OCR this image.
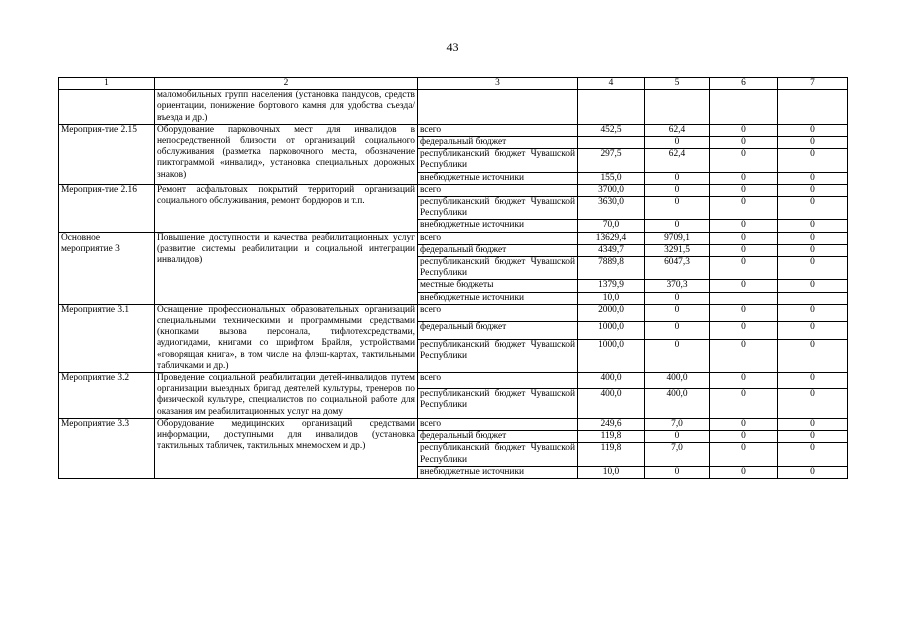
43
1	2	3	4	5	6	7
	маломобильных групп населения (установка пандусов, средств ориентации, понижение бортового камня для удобства съезда/въезда и др.)					
Мероприя-тие 2.15	Оборудование парковочных мест для инвалидов в непосредственной близости от организаций социального обслуживания (разметка парковочного места, обозначение пиктограммой «инвалид», установка специальных дорожных знаков)	всего	452,5	62,4	0	0
		федеральный бюджет		0	0	0
		республиканский бюджет Чувашской Республики	297,5	62,4	0	0
		внебюджетные источники	155,0	0	0	0
Мероприя-тие 2.16	Ремонт асфальтовых покрытий территорий организаций социального обслуживания, ремонт бордюров и т.п.	всего	3700,0	0	0	0
		республиканский бюджет Чувашской Республики	3630,0	0	0	0
		внебюджетные источники	70,0	0	0	0
Основное мероприятие 3	Повышение доступности и качества реабилитационных услуг (развитие системы реабилитации и социальной интеграции инвалидов)	всего	13629,4	9709,1	0	0
		федеральный бюджет	4349,7	3291,5	0	0
		республиканский бюджет Чувашской Республики	7889,8	6047,3	0	0
		местные бюджеты	1379,9	370,3	0	0
		внебюджетные источники	10,0	0		
Мероприятие 3.1	Оснащение профессиональных образовательных организаций специальными техническими и программными средствами (кнопками вызова персонала, тифлотехсредствами, аудиогидами, книгами со шрифтом Брайля, устройствами «говорящая книга», в том числе на флэш-картах, тактильными табличками и др.)	всего	2000,0	0	0	0
		федеральный бюджет	1000,0	0	0	0
		республиканский бюджет Чувашской Республики	1000,0	0	0	0
Мероприятие 3.2	Проведение социальной реабилитации детей-инвалидов путем организации выездных бригад деятелей культуры, тренеров по физической культуре, специалистов по социальной работе для оказания им реабилитационных услуг на дому	всего	400,0	400,0	0	0
		республиканский бюджет Чувашской Республики	400,0	400,0	0	0
Мероприятие 3.3	Оборудование медицинских организаций средствами информации, доступными для инвалидов (установка тактильных табличек, тактильных мнемосхем и др.)	всего	249,6	7,0	0	0
		федеральный бюджет	119,8	0	0	0
		республиканский бюджет Чувашской Республики	119,8	7,0	0	0
		внебюджетные источники	10,0	0	0	0
